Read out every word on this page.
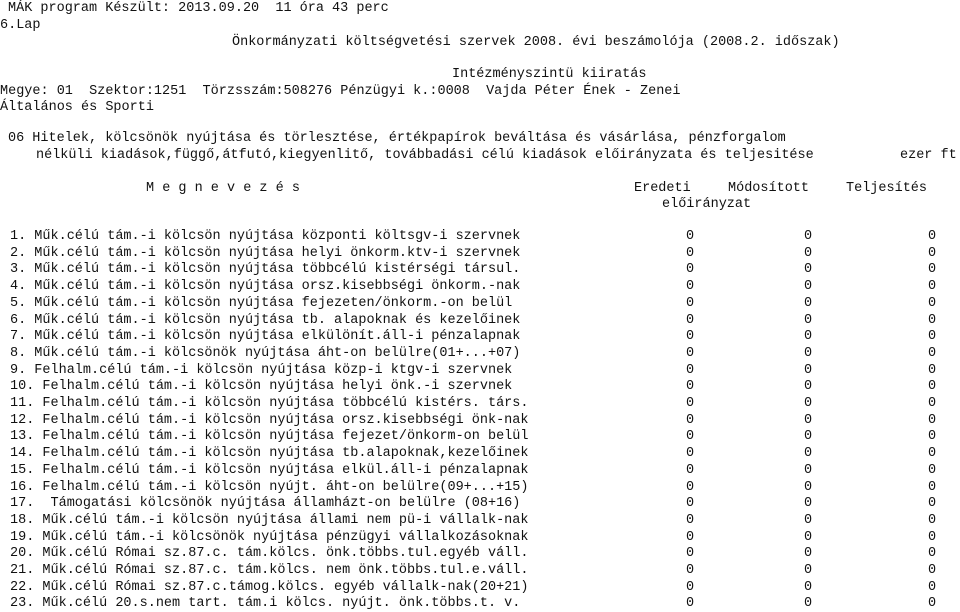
MÁK program Készült: 2013.09.20  11 óra 43 perc
6.Lap
Önkormányzati költségvetési szervek 2008. évi beszámolója (2008.2. időszak)
Intézményszintü kiiratás
Megye: 01  Szektor:1251  Törzsszám:508276 Pénzügyi k.:0008  Vajda Péter Ének - Zenei
Általános és Sporti
06 Hitelek, kölcsönök nyújtása és törlesztése, értékpapírok beváltása és vásárlása, pénzforgalom
nélküli kiadások,függő,átfutó,kiegyenlitő, továbbadási célú kiadások előirányzata és teljesitése	ezer ft
M e g n e v e z é s	Eredeti	Módosított	Teljesítés
előirányzat
1. Műk.célú tám.-i kölcsön nyújtása központi költsgv-i szervnek	0	0	0
2. Műk.célú tám.-i kölcsön nyújtása helyi önkorm.ktv-i szervnek	0	0	0
3. Műk.célú tám.-i kölcsön nyújtása többcélú kistérségi társul.	0	0	0
4. Műk.célú tám.-i kölcsön nyújtása orsz.kisebbségi önkorm.-nak	0	0	0
5. Műk.célú tám.-i kölcsön nyújtása fejezeten/önkorm.-on belül	0	0	0
6. Műk.célú tám.-i kölcsön nyújtása tb. alapoknak és kezelőinek	0	0	0
7. Műk.célú tám.-i kölcsön nyújtása elkülönít.áll-i pénzalapnak	0	0	0
8. Műk.célú tám.-i kölcsönök nyújtása áht-on belülre(01+...+07)	0	0	0
9. Felhalm.célú tám.-i kölcsön nyújtása közp-i ktgv-i szervnek	0	0	0
10. Felhalm.célú tám.-i kölcsön nyújtása helyi önk.-i szervnek	0	0	0
11. Felhalm.célú tám.-i kölcsön nyújtása többcélú kistérs. társ.	0	0	0
12. Felhalm.célú tám.-i kölcsön nyújtása orsz.kisebbségi önk-nak	0	0	0
13. Felhalm.célú tám.-i kölcsön nyújtása fejezet/önkorm-on belül	0	0	0
14. Felhalm.célú tám.-i kölcsön nyújtása tb.alapoknak,kezelőinek	0	0	0
15. Felhalm.célú tám.-i kölcsön nyújtása elkül.áll-i pénzalapnak	0	0	0
16. Felhalm.célú tám.-i kölcsön nyújt. áht-on belülre(09+...+15)	0	0	0
17.  Támogatási kölcsönök nyújtása államházt-on belülre (08+16)	0	0	0
18. Műk.célú tám.-i kölcsön nyújtása állami nem pü-i vállalk-nak	0	0	0
19. Műk.célú tám.-i kölcsönök nyújtása pénzügyi vállalkozásoknak	0	0	0
20. Műk.célú Római sz.87.c. tám.kölcs. önk.többs.tul.egyéb váll.	0	0	0
21. Műk.célú Római sz.87.c. tám.kölcs. nem önk.többs.tul.e.váll.	0	0	0
22. Műk.célú Római sz.87.c.támog.kölcs. egyéb vállalk-nak(20+21)	0	0	0
23. Műk.célú 20.s.nem tart. tám.i kölcs. nyújt. önk.többs.t. v.	0	0	0
